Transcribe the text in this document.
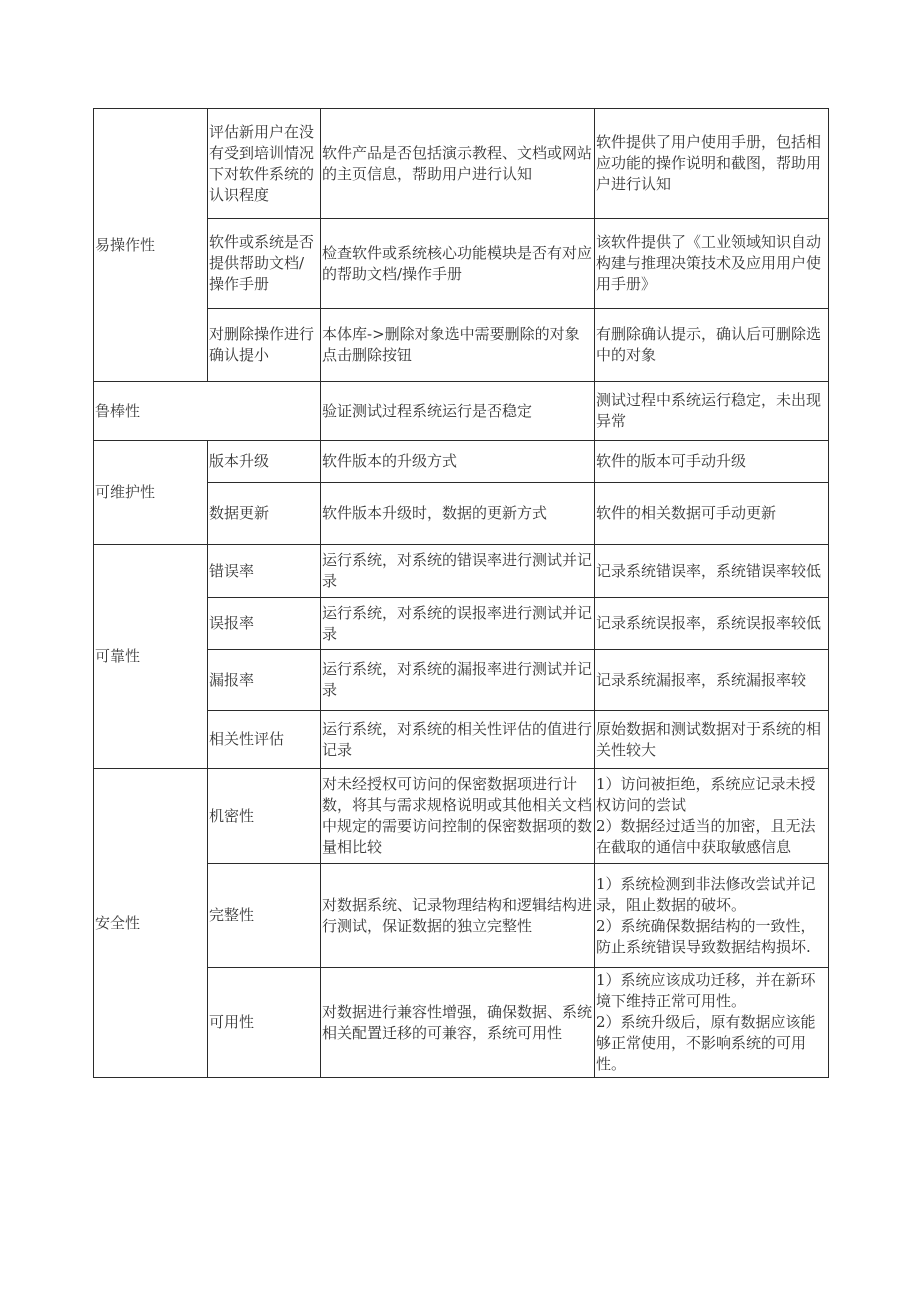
易操作性	评估新用户在没有受到培训情况下对软件系统的认识程度	软件产品是否包括演示教程、文档或网站的主页信息，帮助用户进行认知	软件提供了用户使用手册，包括相应功能的操作说明和截图，帮助用户进行认知
	软件或系统是否提供帮助文档/操作手册	检查软件或系统核心功能模块是否有对应的帮助文档/操作手册	该软件提供了《工业领域知识自动构建与推理决策技术及应用用户使用手册》
	对删除操作进行确认提小	本体库->删除对象选中需要删除的对象点击删除按钮	有删除确认提示，确认后可删除选中的对象
鲁棒性		验证测试过程系统运行是否稳定	测试过程中系统运行稳定，未出现异常
可维护性	版本升级	软件版本的升级方式	软件的版本可手动升级
	数据更新	软件版本升级时，数据的更新方式	软件的相关数据可手动更新
可靠性	错误率	运行系统，对系统的错误率进行测试并记录	记录系统错误率，系统错误率较低
	误报率	运行系统，对系统的误报率进行测试并记录	记录系统误报率，系统误报率较低
	漏报率	运行系统，对系统的漏报率进行测试并记录	记录系统漏报率，系统漏报率较
	相关性评估	运行系统，对系统的相关性评估的值进行记录	原始数据和测试数据对于系统的相关性较大
安全性	机密性	对未经授权可访问的保密数据项进行计数，将其与需求规格说明或其他相关文档中规定的需要访问控制的保密数据项的数量相比较	1）访问被拒绝，系统应记录未授权访问的尝试
2）数据经过适当的加密，且无法在截取的通信中获取敏感信息

	完整性	对数据系统、记录物理结构和逻辑结构进行测试，保证数据的独立完整性	1）系统检测到非法修改尝试并记录，阻止数据的破坏。
2）系统确保数据结构的一致性，防止系统错误导致数据结构损坏.

	可用性	对数据进行兼容性增强，确保数据、系统相关配置迁移的可兼容，系统可用性	1）系统应该成功迁移，并在新环境下维持正常可用性。
2）系统升级后，原有数据应该能够正常使用，不影响系统的可用性。
